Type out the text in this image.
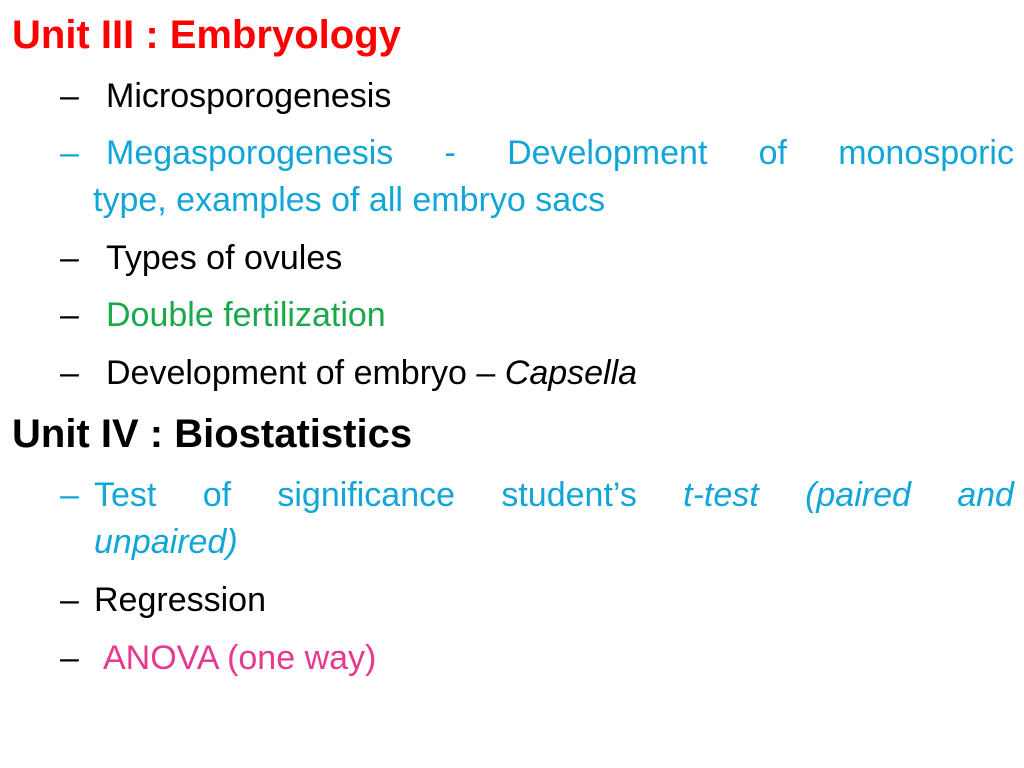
Unit III : Embryology
– Microsporogenesis
– Megasporogenesis - Development of monosporic
type, examples of all embryo sacs
– Types of ovules
– Double fertilization
– Development of embryo – Capsella
Unit IV : Biostatistics
– Test of significance student’s t-test (paired and
unpaired)
– Regression
– ANOVA (one way)
